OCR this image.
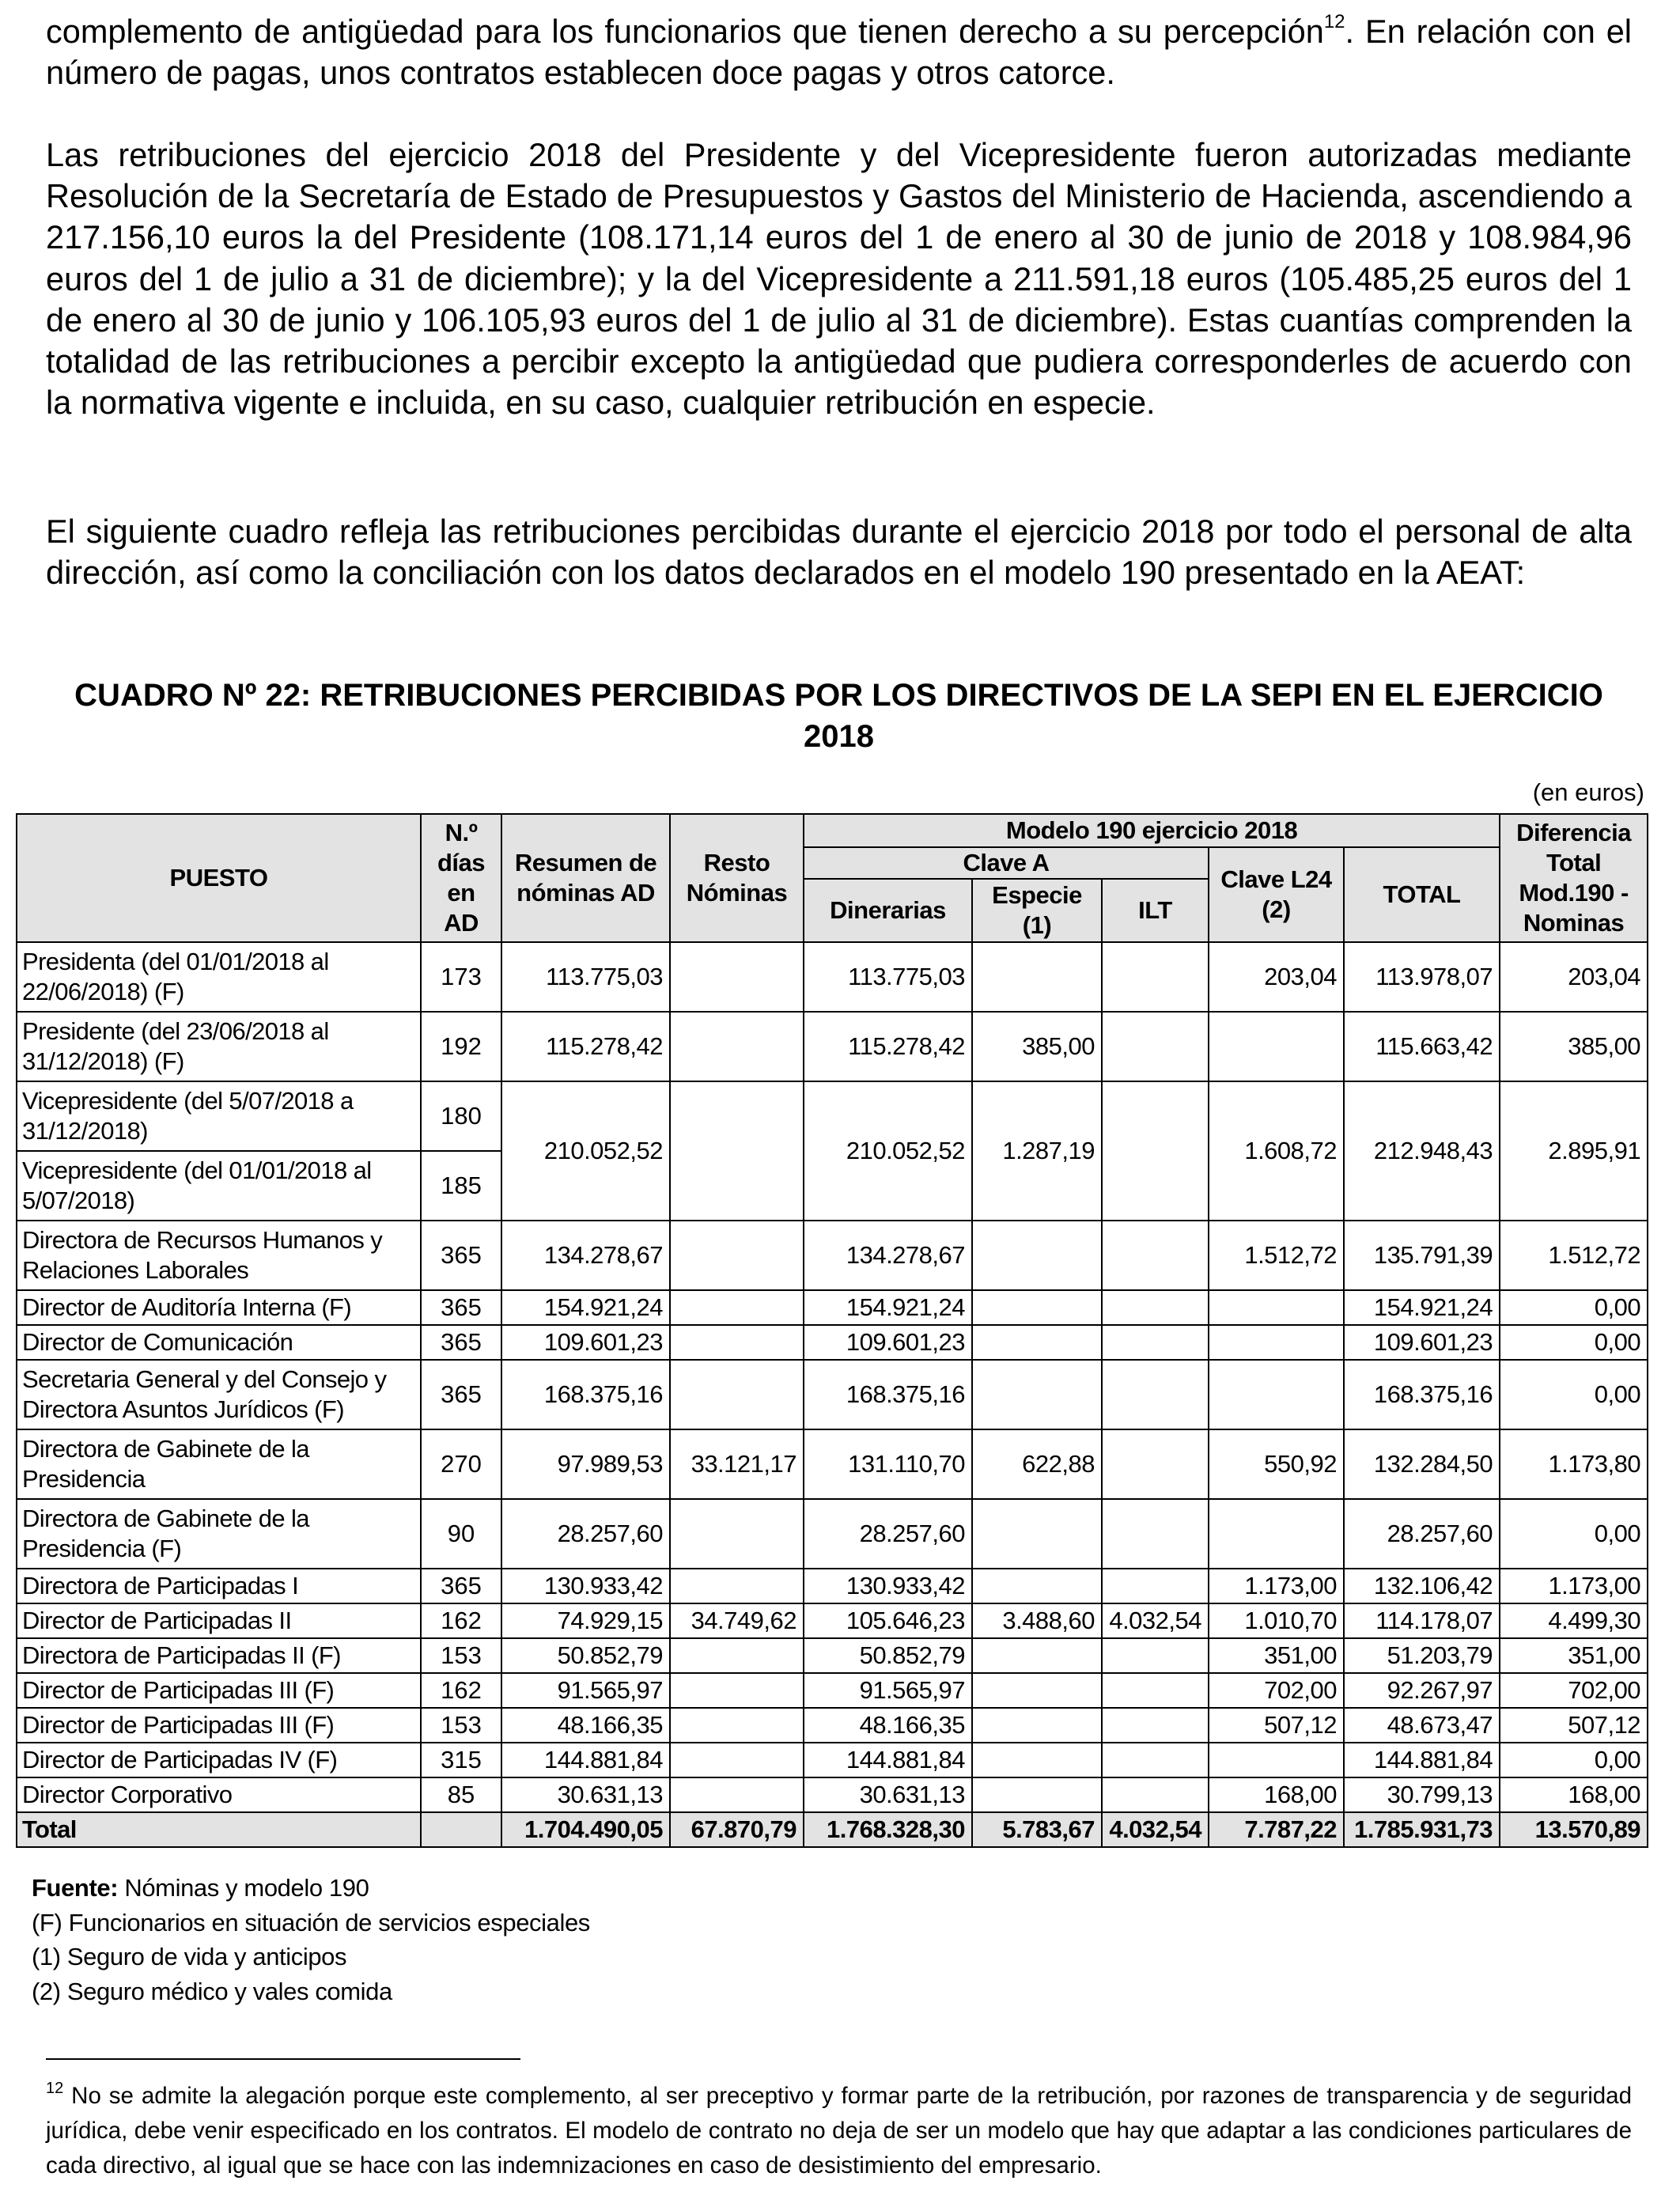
complemento de antigüedad para los funcionarios que tienen derecho a su percepción$^{12}$. En relación con el número de pagas, unos contratos establecen doce pagas y otros catorce.

Las retribuciones del ejercicio 2018 del Presidente y del Vicepresidente fueron autorizadas mediante Resolución de la Secretaría de Estado de Presupuestos y Gastos del Ministerio de Hacienda, ascendiendo a 217.156,10 euros la del Presidente (108.171,14 euros del 1 de enero al 30 de junio de 2018 y 108.984,96 euros del 1 de julio a 31 de diciembre); y la del Vicepresidente a 211.591,18 euros (105.485,25 euros del 1 de enero al 30 de junio y 106.105,93 euros del 1 de julio al 31 de diciembre). Estas cuantías comprenden la totalidad de las retribuciones a percibir excepto la antigüedad que pudiera corresponderles de acuerdo con la normativa vigente e incluida, en su caso, cualquier retribución en especie.

El siguiente cuadro refleja las retribuciones percibidas durante el ejercicio 2018 por todo el personal de alta dirección, así como la conciliación con los datos declarados en el modelo 190 presentado en la AEAT:

CUADRO Nº 22: RETRIBUCIONES PERCIBIDAS POR LOS DIRECTIVOS DE LA SEPI EN EL EJERCICIO 2018
(en euros)
PUESTO	N.º días en AD	Resumen de nóminas AD	Resto Nóminas	Modelo 190 ejercicio 2018					Diferencia Total Mod.190 - Nominas
				Clave A			Clave L24 (2)	TOTAL	
				Dinerarias	Especie (1)	ILT			

Presidenta (del 01/01/2018 al 22/06/2018) (F)	173	113.775,03		113.775,03			203,04	113.978,07	203,04
Presidente (del 23/06/2018 al 31/12/2018) (F)	192	115.278,42		115.278,42	385,00			115.663,42	385,00
Vicepresidente (del 5/07/2018 a 31/12/2018)	180	210.052,52		210.052,52	1.287,19		1.608,72	212.948,43	2.895,91
Vicepresidente (del 01/01/2018 al 5/07/2018)	185								
Directora de Recursos Humanos y Relaciones Laborales	365	134.278,67		134.278,67			1.512,72	135.791,39	1.512,72
Director de Auditoría Interna (F)	365	154.921,24		154.921,24				154.921,24	0,00
Director de Comunicación	365	109.601,23		109.601,23				109.601,23	0,00
Secretaria General y del Consejo y Directora Asuntos Jurídicos (F)	365	168.375,16		168.375,16				168.375,16	0,00
Directora de Gabinete de la Presidencia	270	97.989,53	33.121,17	131.110,70	622,88		550,92	132.284,50	1.173,80
Directora de Gabinete de la Presidencia (F)	90	28.257,60		28.257,60				28.257,60	0,00
Directora de Participadas I	365	130.933,42		130.933,42			1.173,00	132.106,42	1.173,00
Director de Participadas II	162	74.929,15	34.749,62	105.646,23	3.488,60	4.032,54	1.010,70	114.178,07	4.499,30
Directora de Participadas II (F)	153	50.852,79		50.852,79			351,00	51.203,79	351,00
Director de Participadas III (F)	162	91.565,97		91.565,97			702,00	92.267,97	702,00
Director de Participadas III (F)	153	48.166,35		48.166,35			507,12	48.673,47	507,12
Director de Participadas IV (F)	315	144.881,84		144.881,84				144.881,84	0,00
Director Corporativo	85	30.631,13		30.631,13			168,00	30.799,13	168,00
Total		1.704.490,05	67.870,79	1.768.328,30	5.783,67	4.032,54	7.787,22	1.785.931,73	13.570,89
Fuente: Nóminas y modelo 190
(F) Funcionarios en situación de servicios especiales
(1) Seguro de vida y anticipos
(2) Seguro médico y vales comida

$^{12}$ No se admite la alegación porque este complemento, al ser preceptivo y formar parte de la retribución, por razones de transparencia y de seguridad jurídica, debe venir especificado en los contratos. El modelo de contrato no deja de ser un modelo que hay que adaptar a las condiciones particulares de cada directivo, al igual que se hace con las indemnizaciones en caso de desistimiento del empresario.
